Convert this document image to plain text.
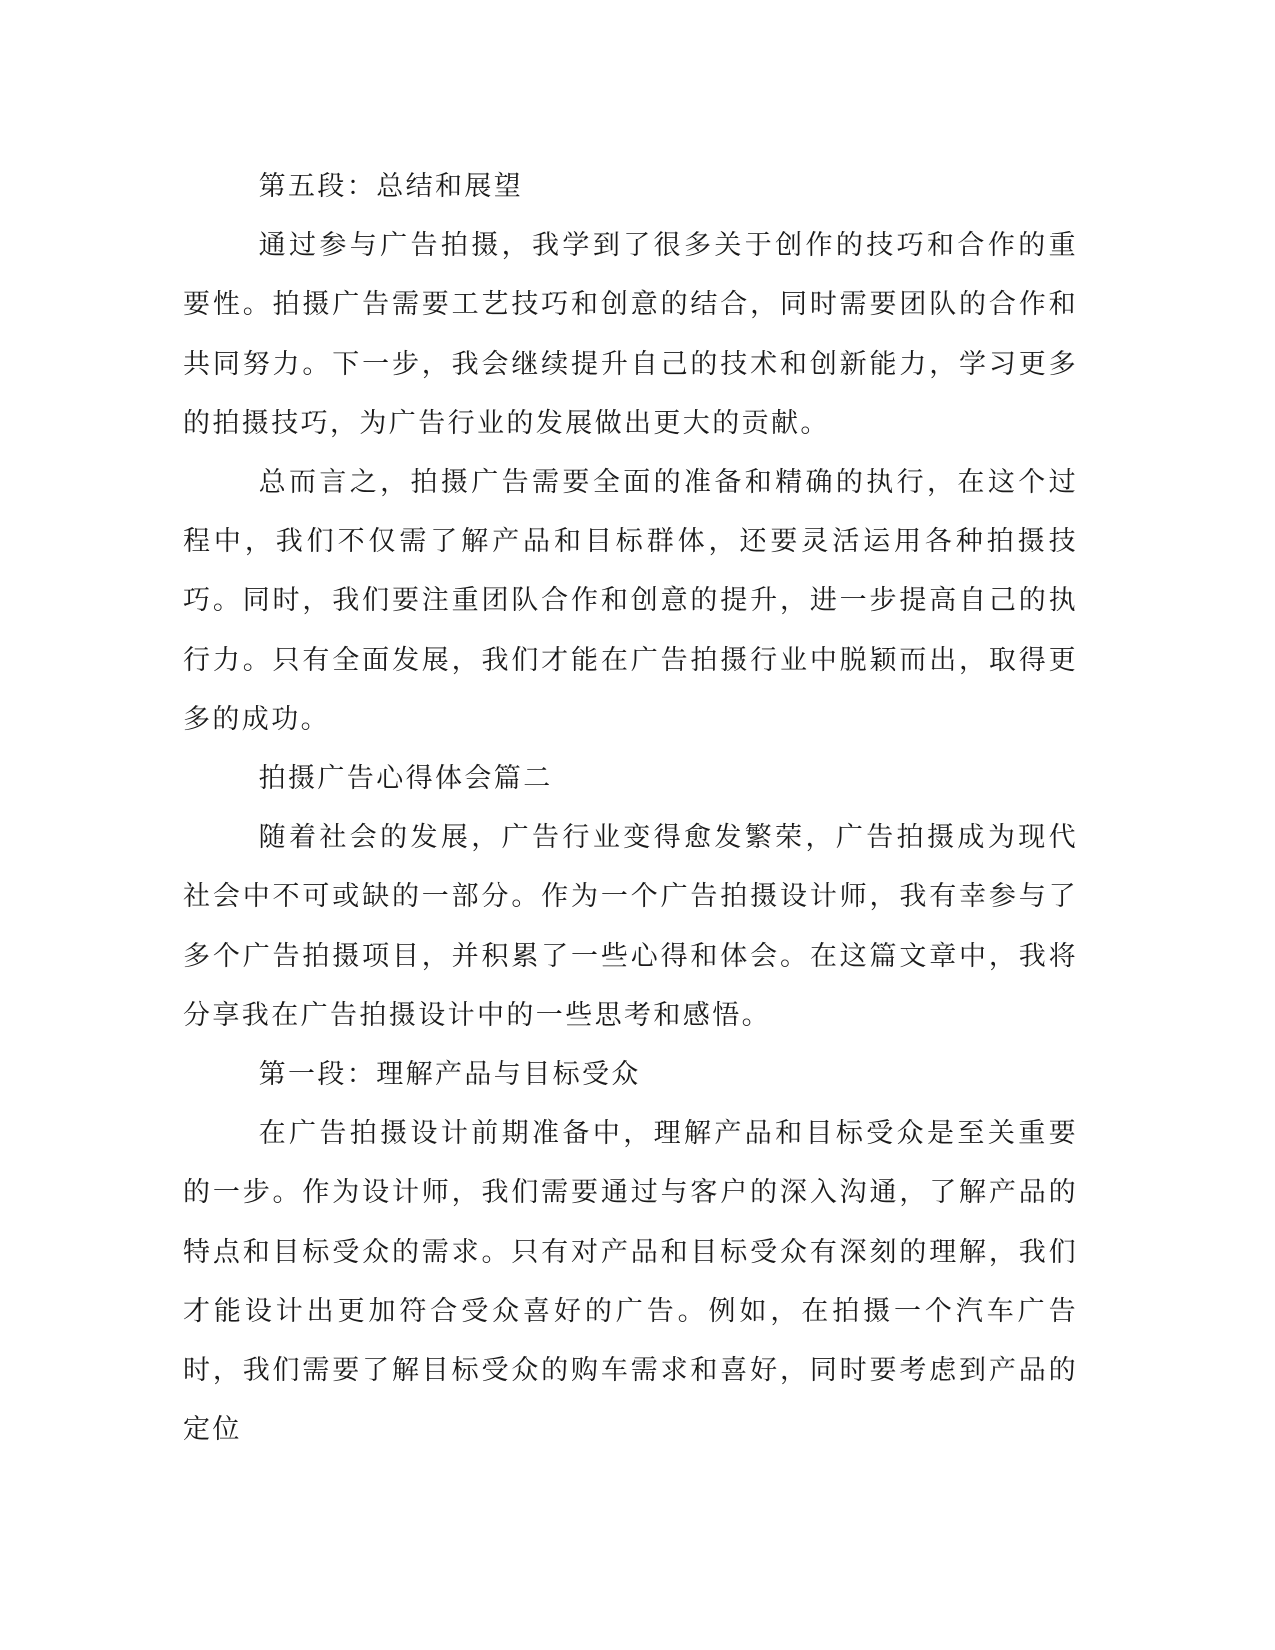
第五段：总结和展望

通过参与广告拍摄，我学到了很多关于创作的技巧和合作的重要性。拍摄广告需要工艺技巧和创意的结合，同时需要团队的合作和共同努力。下一步，我会继续提升自己的技术和创新能力，学习更多的拍摄技巧，为广告行业的发展做出更大的贡献。

总而言之，拍摄广告需要全面的准备和精确的执行，在这个过程中，我们不仅需了解产品和目标群体，还要灵活运用各种拍摄技巧。同时，我们要注重团队合作和创意的提升，进一步提高自己的执行力。只有全面发展，我们才能在广告拍摄行业中脱颖而出，取得更多的成功。

拍摄广告心得体会篇二

随着社会的发展，广告行业变得愈发繁荣，广告拍摄成为现代社会中不可或缺的一部分。作为一个广告拍摄设计师，我有幸参与了多个广告拍摄项目，并积累了一些心得和体会。在这篇文章中，我将分享我在广告拍摄设计中的一些思考和感悟。

第一段：理解产品与目标受众

在广告拍摄设计前期准备中，理解产品和目标受众是至关重要的一步。作为设计师，我们需要通过与客户的深入沟通，了解产品的特点和目标受众的需求。只有对产品和目标受众有深刻的理解，我们才能设计出更加符合受众喜好的广告。例如，在拍摄一个汽车广告时，我们需要了解目标受众的购车需求和喜好，同时要考虑到产品的定位
